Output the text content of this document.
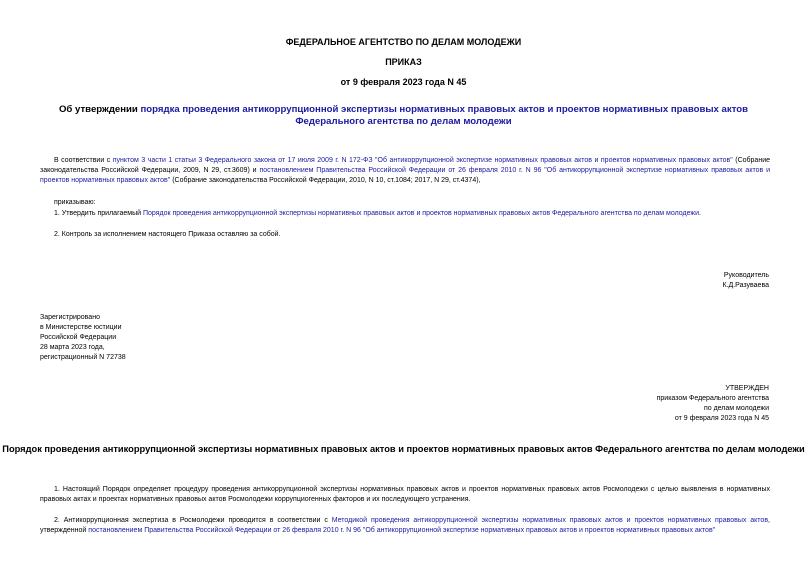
ФЕДЕРАЛЬНОЕ АГЕНТСТВО ПО ДЕЛАМ МОЛОДЕЖИ
ПРИКАЗ
от 9 февраля 2023 года N 45
Об утверждении порядка проведения антикоррупционной экспертизы нормативных правовых актов и проектов нормативных правовых актов Федерального агентства по делам молодежи
В соответствии с пунктом 3 части 1 статьи 3 Федерального закона от 17 июля 2009 г. N 172-ФЗ "Об антикоррупционной экспертизе нормативных правовых актов и проектов нормативных правовых актов" (Собрание законодательства Российской Федерации, 2009, N 29, ст.3609) и постановлением Правительства Российской Федерации от 26 февраля 2010 г. N 96 "Об антикоррупционной экспертизе нормативных правовых актов и проектов нормативных правовых актов" (Собрание законодательства Российской Федерации, 2010, N 10, ст.1084; 2017, N 29, ст.4374),
приказываю:
1. Утвердить прилагаемый Порядок проведения антикоррупционной экспертизы нормативных правовых актов и проектов нормативных правовых актов Федерального агентства по делам молодежи.
2. Контроль за исполнением настоящего Приказа оставляю за собой.
Руководитель
К.Д.Разуваева
Зарегистрировано
в Министерстве юстиции
Российской Федерации
28 марта 2023 года,
регистрационный N 72738
УТВЕРЖДЕН
приказом Федерального агентства
по делам молодежи
от 9 февраля 2023 года N 45
Порядок проведения антикоррупционной экспертизы нормативных правовых актов и проектов нормативных правовых актов Федерального агентства по делам молодежи
1. Настоящий Порядок определяет процедуру проведения антикоррупционной экспертизы нормативных правовых актов и проектов нормативных правовых актов Росмолодежи с целью выявления в нормативных правовых актах и проектах нормативных правовых актов Росмолодежи коррупциогенных факторов и их последующего устранения.
2. Антикоррупционная экспертиза в Росмолодежи проводится в соответствии с Методикой проведения антикоррупционной экспертизы нормативных правовых актов и проектов нормативных правовых актов, утвержденной постановлением Правительства Российской Федерации от 26 февраля 2010 г. N 96 "Об антикоррупционной экспертизе нормативных правовых актов и проектов нормативных правовых актов"
